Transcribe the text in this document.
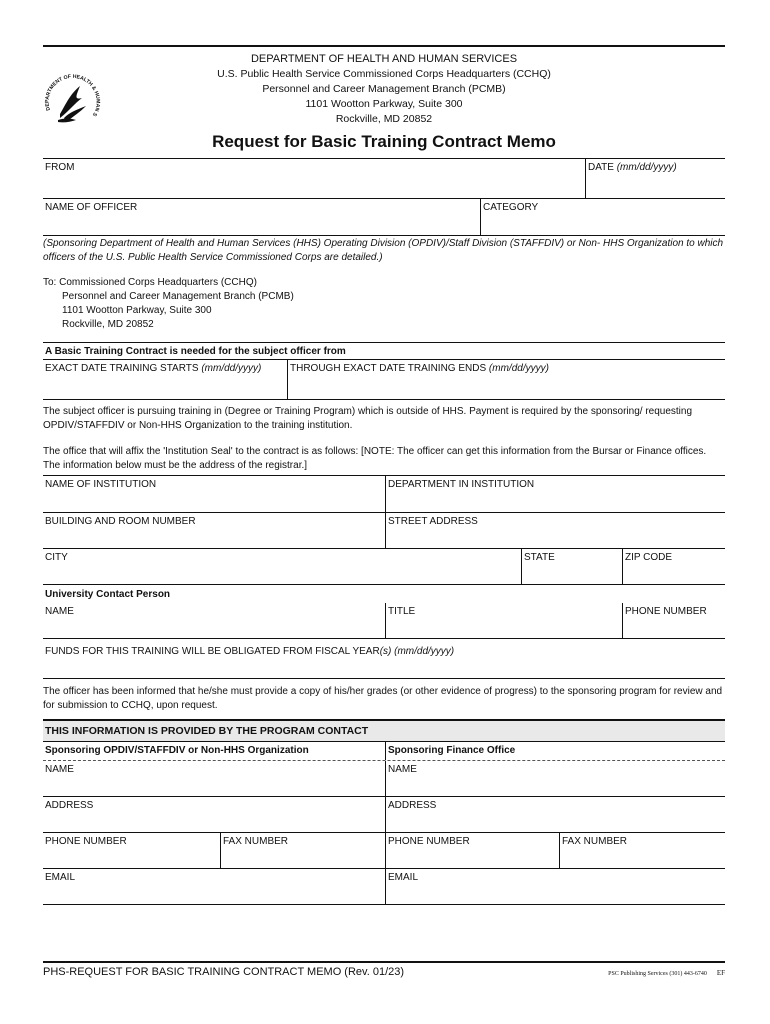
DEPARTMENT OF HEALTH & HUMAN S
DEPARTMENT OF HEALTH AND HUMAN SERVICES
U.S. Public Health Service Commissioned Corps Headquarters (CCHQ)
Personnel and Career Management Branch (PCMB)
1101 Wootton Parkway, Suite 300
Rockville, MD 20852
Request for Basic Training Contract Memo
FROM	DATE (mm/dd/yyyy)
NAME OF OFFICER	CATEGORY
(Sponsoring Department of Health and Human Services (HHS) Operating Division (OPDIV)/Staff Division (STAFFDIV) or Non- HHS Organization to which officers of the U.S. Public Health Service Commissioned Corps are detailed.)
To: Commissioned Corps Headquarters (CCHQ)
Personnel and Career Management Branch (PCMB)
1101 Wootton Parkway, Suite 300
Rockville, MD 20852
A Basic Training Contract is needed for the subject officer from
EXACT DATE TRAINING STARTS (mm/dd/yyyy)	THROUGH EXACT DATE TRAINING ENDS (mm/dd/yyyy)
The subject officer is pursuing training in (Degree or Training Program) which is outside of HHS. Payment is required by the sponsoring/ requesting OPDIV/STAFFDIV or Non-HHS Organization to the training institution.
The office that will affix the 'Institution Seal' to the contract is as follows: [NOTE: The officer can get this information from the Bursar or Finance offices. The information below must be the address of the registrar.]
NAME OF INSTITUTION	DEPARTMENT IN INSTITUTION
BUILDING AND ROOM NUMBER	STREET ADDRESS
CITY	STATE	ZIP CODE
University Contact Person
NAME	TITLE	PHONE NUMBER
FUNDS FOR THIS TRAINING WILL BE OBLIGATED FROM FISCAL YEAR(s) (mm/dd/yyyy)
The officer has been informed that he/she must provide a copy of his/her grades (or other evidence of progress) to the sponsoring program for review and for submission to CCHQ, upon request.
THIS INFORMATION IS PROVIDED BY THE PROGRAM CONTACT
Sponsoring OPDIV/STAFFDIV or Non-HHS Organization	Sponsoring Finance Office
NAME	NAME
ADDRESS	ADDRESS
PHONE NUMBER	FAX NUMBER	PHONE NUMBER	FAX NUMBER
EMAIL	EMAIL
PHS-REQUEST FOR BASIC TRAINING CONTRACT MEMO (Rev. 01/23)	PSC Publishing Services (301) 443-6740 EF
